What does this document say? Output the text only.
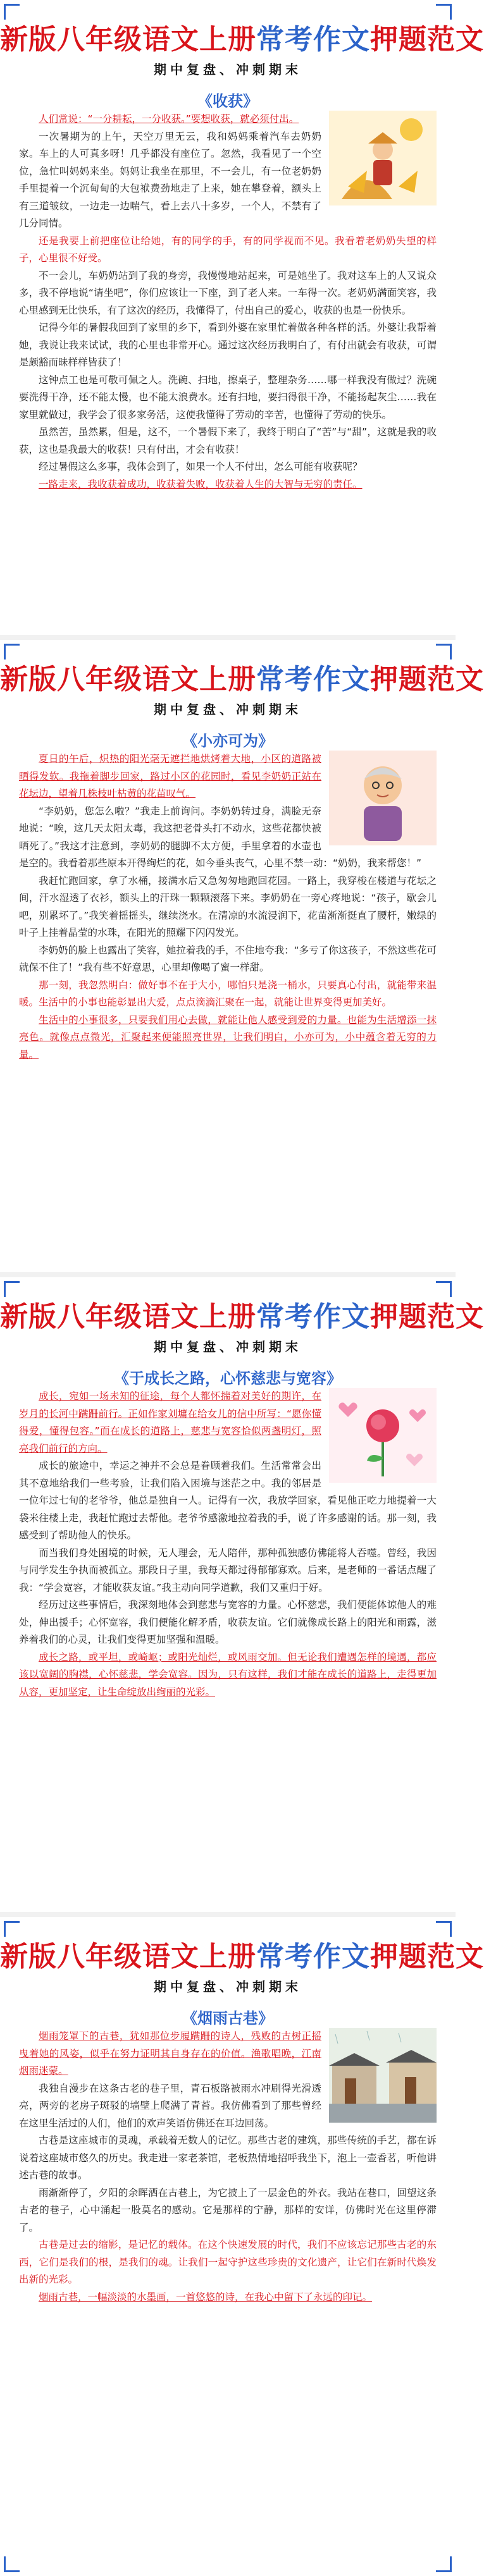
新版八年级语文上册常考作文押题范文
期中复盘、冲刺期末
《收获》

人们常说：“一分耕耘，一分收获。”要想收获，就必须付出。

一次暑期为的上午，天空万里无云，我和妈妈乘着汽车去奶奶家。车上的人可真多呀！几乎都没有座位了。忽然，我看见了一个空位，急忙叫妈妈来坐。妈妈让我坐在那里，不一会儿，有一位老奶奶手里提着一个沉甸甸的大包袱费劲地走了上来，她在攀登着，额头上有三道皱纹，一边走一边喘气，看上去八十多岁，一个人，不禁有了几分同情。

还是我要上前把座位让给她，有的同学的手，有的同学视而不见。我看着老奶奶失望的样子，心里很不好受。

不一会儿，车奶奶站到了我的身旁，我慢慢地站起来，可是她坐了。我对这车上的人又说众多，我不停地说“请坐吧”，你们应该让一下座，到了老人来。一车得一次。老奶奶满面笑容，我心里感到无比快乐，有了这次的经历，我懂得了，付出自己的爱心，收获的也是一份快乐。

记得今年的暑假我回到了家里的乡下，看到外婆在家里忙着做各种各样的活。外婆让我帮着她，我说让我来试试，我的心里也非常开心。通过这次经历我明白了，有付出就会有收获，可谓是颇豁而昧样样皆获了！

这钟点工也是可敬可佩之人。洗碗、扫地，擦桌子，整理杂务……哪一样我没有做过？洗碗要洗得干净，还不能太慢，也不能太浪费水。还有扫地，要扫得很干净，不能扬起灰尘……我在家里就做过，我学会了很多家务活，这使我懂得了劳动的辛苦，也懂得了劳动的快乐。

虽然苦，虽然累，但是，这不，一个暑假下来了，我终于明白了“苦”与“甜”，这就是我的收获，这也是我最大的收获！只有付出，才会有收获！

经过暑假这么多事，我体会到了，如果一个人不付出，怎么可能有收获呢？

一路走来，我收获着成功，收获着失败，收获着人生的大智与无穷的责任。

新版八年级语文上册常考作文押题范文
期中复盘、冲刺期末
《小亦可为》

夏日的午后，炽热的阳光毫无遮拦地烘烤着大地，小区的道路被晒得发软。我拖着脚步回家，路过小区的花园时，看见李奶奶正站在花坛边，望着几株枝叶枯黄的花苗叹气。

“李奶奶，您怎么啦？”我走上前询问。李奶奶转过身，满脸无奈地说：“唉，这几天太阳太毒，我这把老骨头打不动水，这些花都快被晒死了。”我这才注意到，李奶奶的腿脚不太方便，手里拿着的水壶也是空的。我看着那些原本开得绚烂的花，如今垂头丧气，心里不禁一动：“奶奶，我来帮您！”

我赶忙跑回家，拿了水桶，接满水后又急匆匆地跑回花园。一路上，我穿梭在楼道与花坛之间，汗水湿透了衣衫，额头上的汗珠一颗颗滚落下来。李奶奶在一旁心疼地说：“孩子，歇会儿吧，别累坏了。”我笑着摇摇头，继续浇水。在清凉的水流浸润下，花苗渐渐挺直了腰杆，嫩绿的叶子上挂着晶莹的水珠，在阳光的照耀下闪闪发光。

李奶奶的脸上也露出了笑容，她拉着我的手，不住地夸我：“多亏了你这孩子，不然这些花可就保不住了！”我有些不好意思，心里却像喝了蜜一样甜。

那一刻，我忽然明白：做好事不在于大小，哪怕只是浇一桶水，只要真心付出，就能带来温暖。生活中的小事也能彰显出大爱，点点滴滴汇聚在一起，就能让世界变得更加美好。

生活中的小事很多，只要我们用心去做，就能让他人感受到爱的力量。也能为生活增添一抹亮色。就像点点微光，汇聚起来便能照亮世界，让我们明白，小亦可为，小中蕴含着无穷的力量。

新版八年级语文上册常考作文押题范文
期中复盘、冲刺期末
《于成长之路，心怀慈悲与宽容》

成长，宛如一场未知的征途，每个人都怀揣着对美好的期许，在岁月的长河中蹒跚前行。正如作家刘墉在给女儿的信中所写：“愿你懂得爱，懂得包容。”而在成长的道路上，慈悲与宽容恰似两盏明灯，照亮我们前行的方向。

成长的旅途中，幸运之神并不会总是眷顾着我们。生活常常会出其不意地给我们一些考验，让我们陷入困境与迷茫之中。我的邻居是一位年过七旬的老爷爷，他总是独自一人。记得有一次，我放学回家，看见他正吃力地提着一大袋米往楼上走，我赶忙跑过去帮他。老爷爷感激地拉着我的手，说了许多感谢的话。那一刻，我感受到了帮助他人的快乐。

而当我们身处困境的时候，无人理会，无人陪伴，那种孤独感仿佛能将人吞噬。曾经，我因与同学发生争执而被孤立。那段日子里，我每天都过得郁郁寡欢。后来，是老师的一番话点醒了我：“学会宽容，才能收获友谊。”我主动向同学道歉，我们又重归于好。

经历过这些事情后，我深刻地体会到慈悲与宽容的力量。心怀慈悲，我们便能体谅他人的难处，伸出援手；心怀宽容，我们便能化解矛盾，收获友谊。它们就像成长路上的阳光和雨露，滋养着我们的心灵，让我们变得更加坚强和温暖。

成长之路，或平坦，或崎岖；或阳光灿烂，或风雨交加。但无论我们遭遇怎样的境遇，都应该以宽阔的胸襟，心怀慈悲，学会宽容。因为，只有这样，我们才能在成长的道路上，走得更加从容，更加坚定，让生命绽放出绚丽的光彩。

新版八年级语文上册常考作文押题范文
期中复盘、冲刺期末
《烟雨古巷》

烟雨笼罩下的古巷，犹如那位步履蹒跚的诗人，残败的古树正摇曳着她的风姿，似乎在努力证明其自身存在的价值。渔歌唱晚，江南烟雨迷蒙。

我独自漫步在这条古老的巷子里，青石板路被雨水冲刷得光滑透亮，两旁的老房子斑驳的墙壁上爬满了青苔。我仿佛看到了那些曾经在这里生活过的人们，他们的欢声笑语仿佛还在耳边回荡。

古巷是这座城市的灵魂，承载着无数人的记忆。那些古老的建筑，那些传统的手艺，都在诉说着这座城市悠久的历史。我走进一家老茶馆，老板热情地招呼我坐下，泡上一壶香茗，听他讲述古巷的故事。

雨渐渐停了，夕阳的余晖洒在古巷上，为它披上了一层金色的外衣。我站在巷口，回望这条古老的巷子，心中涌起一股莫名的感动。它是那样的宁静，那样的安详，仿佛时光在这里停滞了。

古巷是过去的缩影，是记忆的载体。在这个快速发展的时代，我们不应该忘记那些古老的东西，它们是我们的根，是我们的魂。让我们一起守护这些珍贵的文化遗产，让它们在新时代焕发出新的光彩。

烟雨古巷，一幅淡淡的水墨画，一首悠悠的诗，在我心中留下了永远的印记。
